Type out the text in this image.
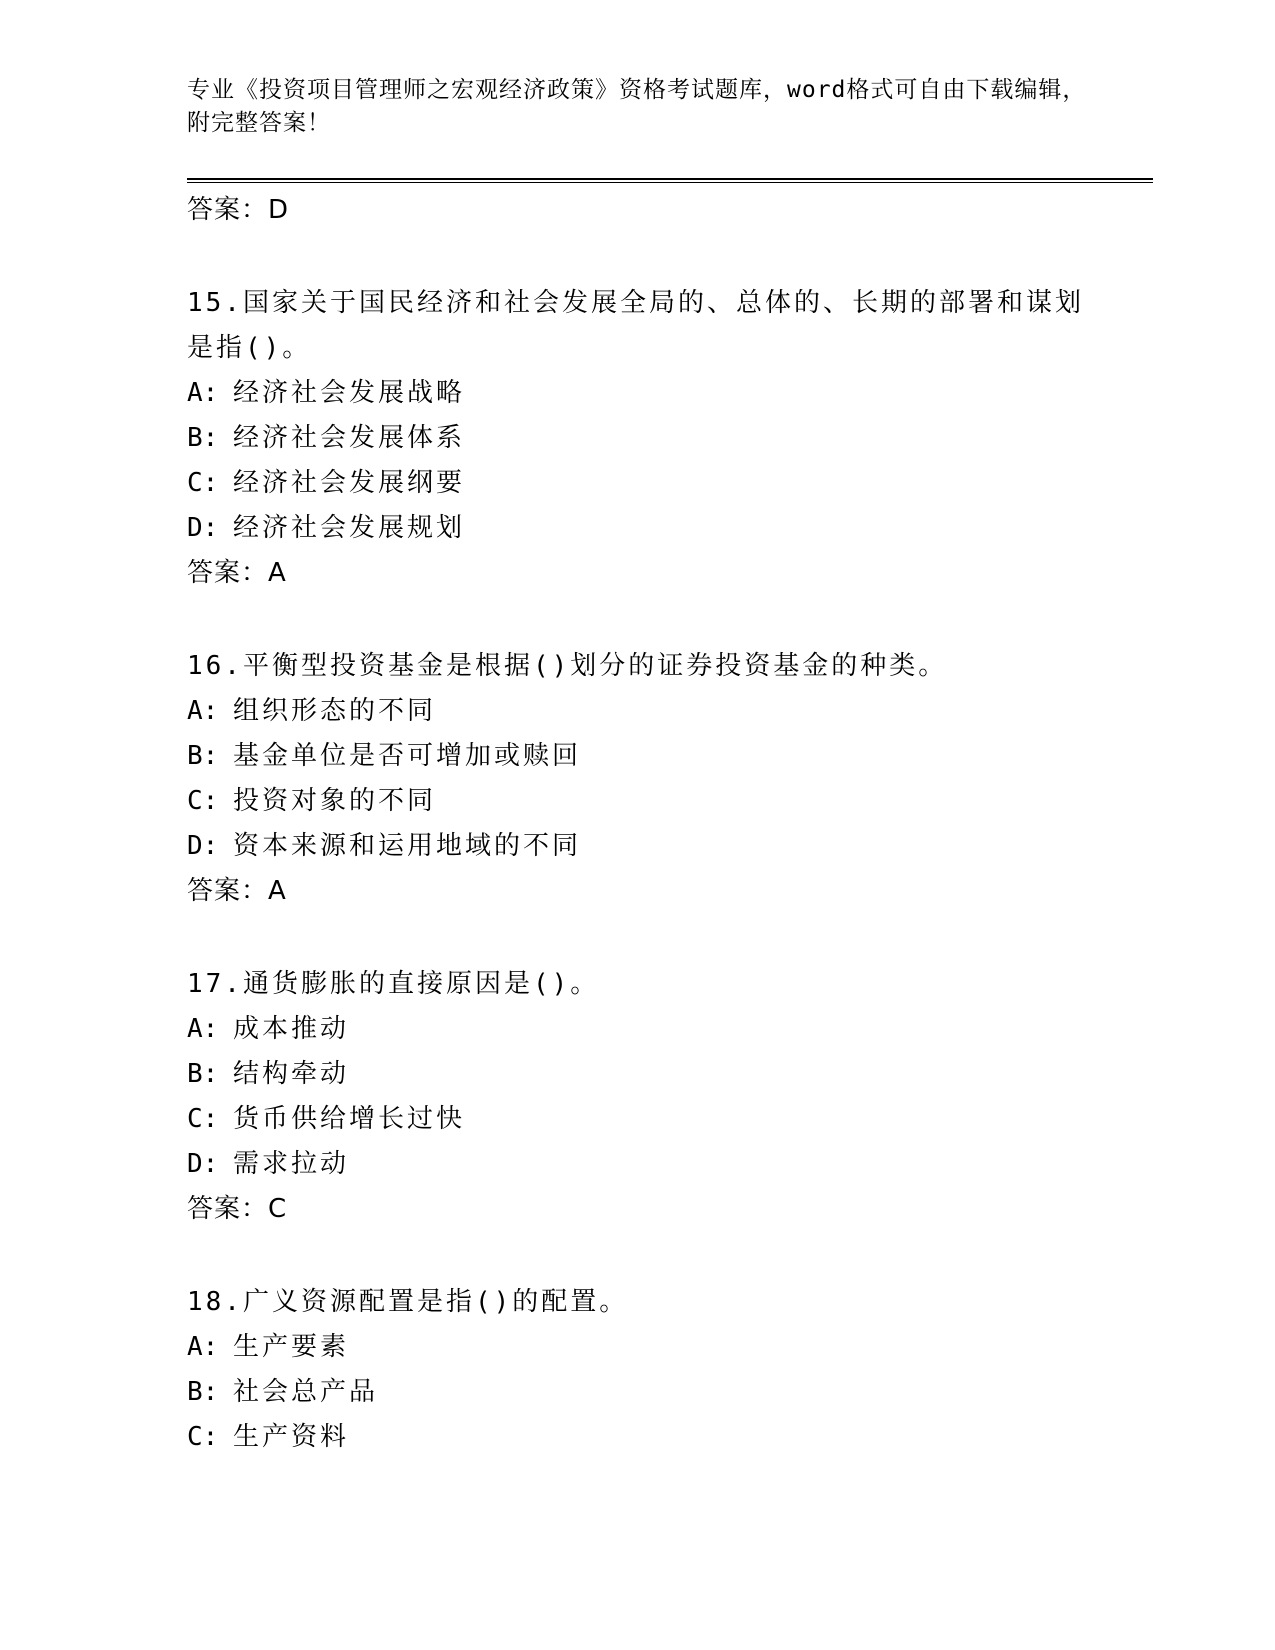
专业《投资项目管理师之宏观经济政策》资格考试题库，word格式可自由下载编辑，附完整答案！
答案：D
15.国家关于国民经济和社会发展全局的、总体的、长期的部署和谋划是指()。
A: 经济社会发展战略
B: 经济社会发展体系
C: 经济社会发展纲要
D: 经济社会发展规划
答案：A
16.平衡型投资基金是根据()划分的证券投资基金的种类。
A: 组织形态的不同
B: 基金单位是否可增加或赎回
C: 投资对象的不同
D: 资本来源和运用地域的不同
答案：A
17.通货膨胀的直接原因是()。
A: 成本推动
B: 结构牵动
C: 货币供给增长过快
D: 需求拉动
答案：C
18.广义资源配置是指()的配置。
A: 生产要素
B: 社会总产品
C: 生产资料
